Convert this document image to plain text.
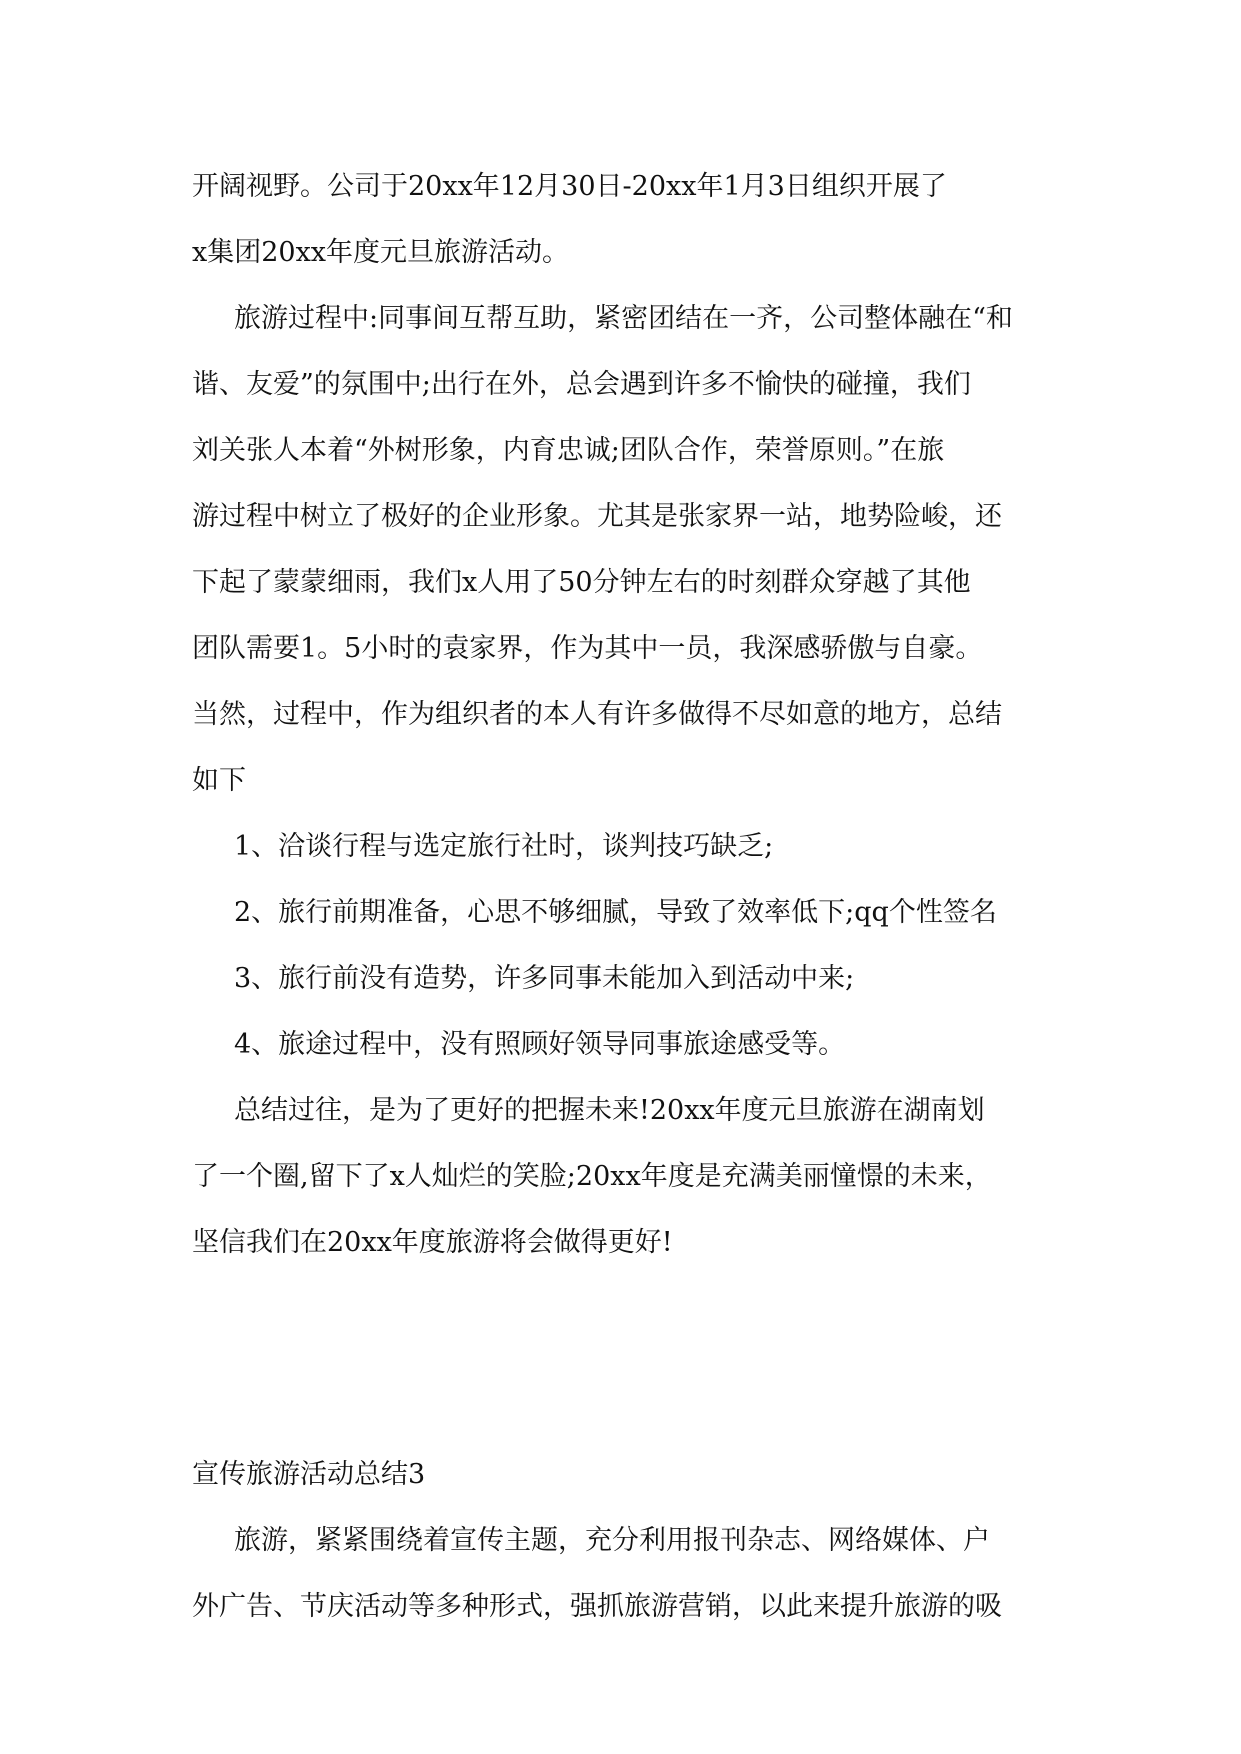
开阔视野。公司于20xx年12月30日-20xx年1月3日组织开展了
x集团20xx年度元旦旅游活动。
旅游过程中:同事间互帮互助，紧密团结在一齐，公司整体融在“和
谐、友爱”的氛围中;出行在外，总会遇到许多不愉快的碰撞，我们
刘关张人本着“外树形象，内育忠诚;团队合作，荣誉原则。”在旅
游过程中树立了极好的企业形象。尤其是张家界一站，地势险峻，还
下起了蒙蒙细雨，我们x人用了50分钟左右的时刻群众穿越了其他
团队需要1。5小时的袁家界，作为其中一员，我深感骄傲与自豪。
当然，过程中，作为组织者的本人有许多做得不尽如意的地方，总结
如下
1、洽谈行程与选定旅行社时，谈判技巧缺乏;
2、旅行前期准备，心思不够细腻，导致了效率低下;qq个性签名
3、旅行前没有造势，许多同事未能加入到活动中来;
4、旅途过程中，没有照顾好领导同事旅途感受等。
总结过往，是为了更好的把握未来!20xx年度元旦旅游在湖南划
了一个圈,留下了x人灿烂的笑脸;20xx年度是充满美丽憧憬的未来，
坚信我们在20xx年度旅游将会做得更好!
宣传旅游活动总结3
旅游，紧紧围绕着宣传主题，充分利用报刊杂志、网络媒体、户
外广告、节庆活动等多种形式，强抓旅游营销，以此来提升旅游的吸
